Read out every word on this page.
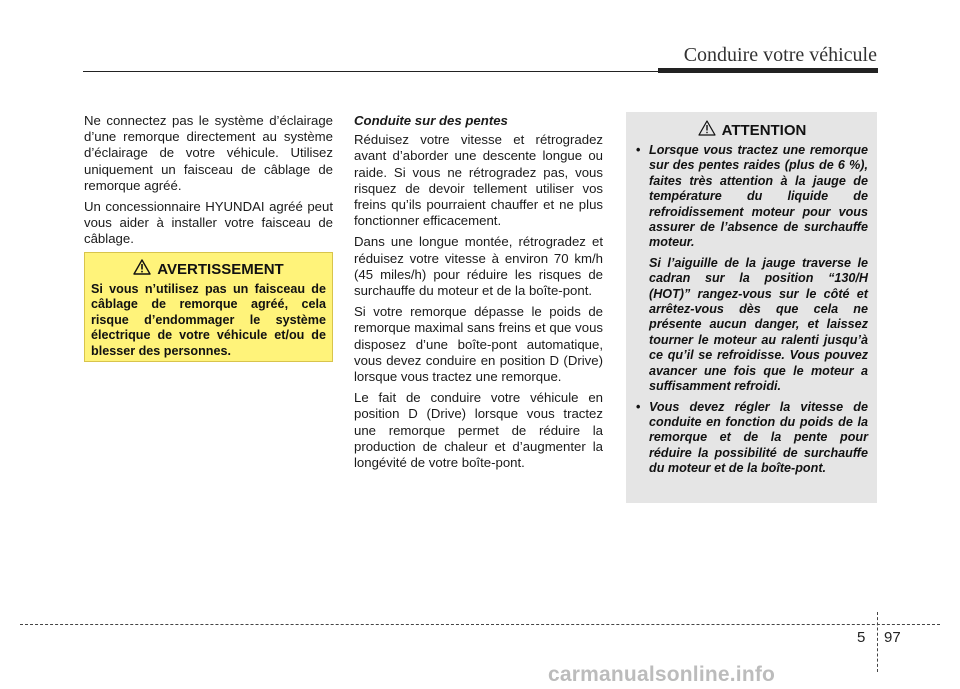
Conduire votre véhicule

Ne connectez pas le système d’éclairage d’une remorque directement au système d’éclairage de votre véhicule. Utilisez uniquement un faisceau de câblage de remorque agréé.

Un concessionnaire HYUNDAI agréé peut vous aider à installer votre faisceau de câblage.

AVERTISSEMENT
Si vous n’utilisez pas un faisceau de câblage de remorque agréé, cela risque d’endommager le système électrique de votre véhicule et/ou de blesser des personnes.
Conduite sur des pentes

Réduisez votre vitesse et rétrogradez avant d’aborder une descente longue ou raide. Si vous ne rétrogradez pas, vous risquez de devoir tellement utiliser vos freins qu’ils pourraient chauffer et ne plus fonctionner efficacement.

Dans une longue montée, rétrogradez et réduisez votre vitesse à environ 70 km/h (45 miles/h) pour réduire les risques de surchauffe du moteur et de la boîte-pont.

Si votre remorque dépasse le poids de remorque maximal sans freins et que vous disposez d’une boîte-pont automatique, vous devez conduire en position D (Drive) lorsque vous tractez une remorque.

Le fait de conduire votre véhicule en position D (Drive) lorsque vous tractez une remorque permet de réduire la production de chaleur et d’augmenter la longévité de votre boîte-pont.

ATTENTION
• Lorsque vous tractez une remorque sur des pentes raides (plus de 6 %), faites très attention à la jauge de température du liquide de refroidissement moteur pour vous assurer de l’absence de surchauffe moteur.

Si l’aiguille de la jauge traverse le cadran sur la position “130/H (HOT)” rangez-vous sur le côté et arrêtez-vous dès que cela ne présente aucun danger, et laissez tourner le moteur au ralenti jusqu’à ce qu’il se refroidisse. Vous pouvez avancer une fois que le moteur a suffisamment refroidi.

• Vous devez régler la vitesse de conduite en fonction du poids de la remorque et de la pente pour réduire la possibilité de surchauffe du moteur et de la boîte-pont.

5 97
carmanualsonline.info
